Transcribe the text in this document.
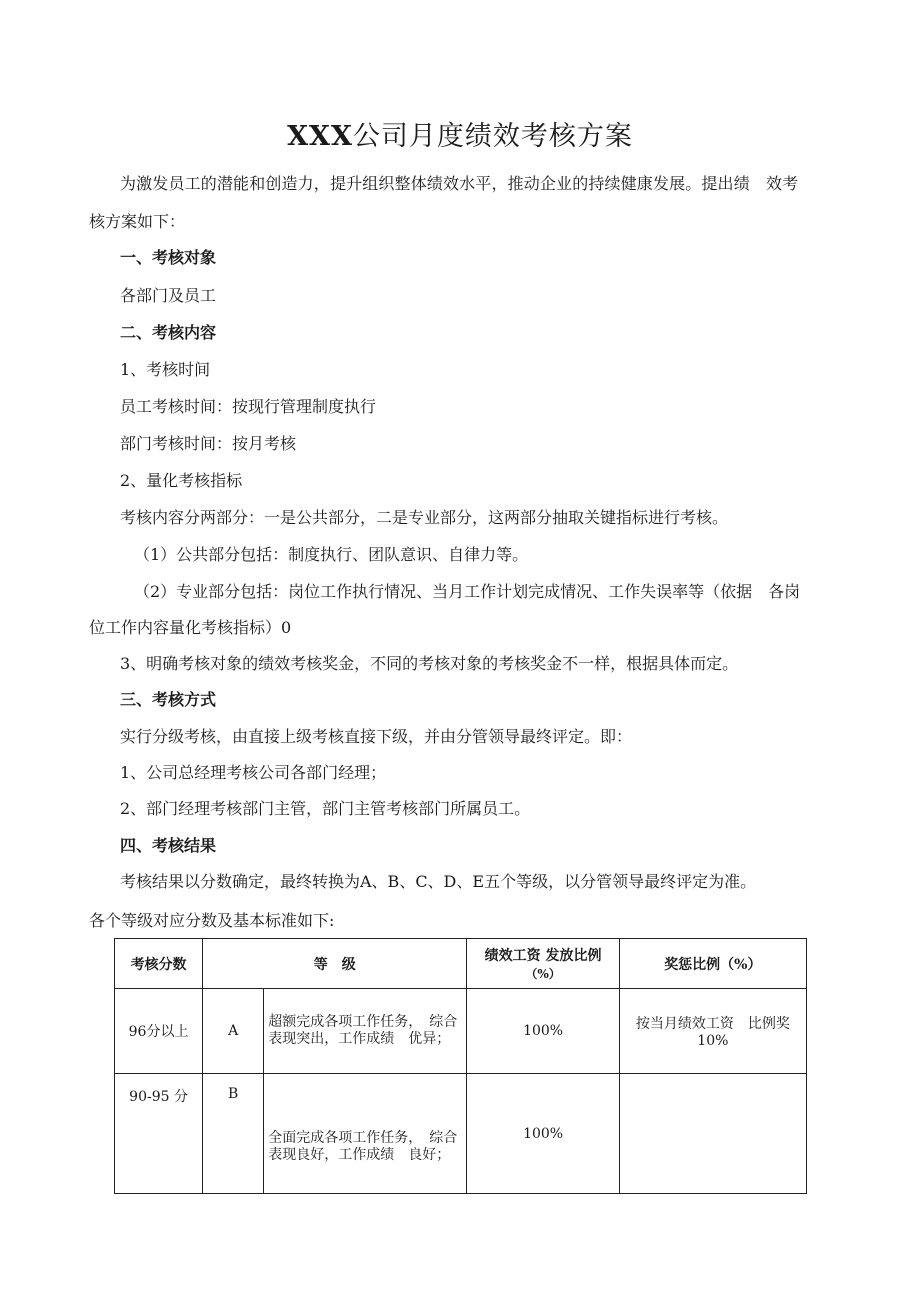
XXX公司月度绩效考核方案
为激发员工的潜能和创造力，提升组织整体绩效水平，推动企业的持续健康发展。提出绩　效考
核方案如下：
一、考核对象
各部门及员工
二、考核内容
1、考核时间
员工考核时间：按现行管理制度执行
部门考核时间：按月考核
2、量化考核指标
考核内容分两部分：一是公共部分，二是专业部分，这两部分抽取关键指标进行考核。
（1）公共部分包括：制度执行、团队意识、自律力等。
（2）专业部分包括：岗位工作执行情况、当月工作计划完成情况、工作失误率等（依据　各岗
位工作内容量化考核指标）0
3、明确考核对象的绩效考核奖金，不同的考核对象的考核奖金不一样，根据具体而定。
三、考核方式
实行分级考核，由直接上级考核直接下级，并由分管领导最终评定。即：
1、公司总经理考核公司各部门经理；
2、部门经理考核部门主管，部门主管考核部门所属员工。
四、考核结果
考核结果以分数确定，最终转换为A、B、C、D、E五个等级，以分管领导最终评定为准。
各个等级对应分数及基本标准如下:
考核分数	等　级		绩效工资 发放比例
（%）	奖惩比例（%）
96分以上	A	超额完成各项工作任务，　综合表现突出，工作成绩　优异；	100%	按当月绩效工资　比例奖
10%

90-95 分	B	全面完成各项工作任务，　综合表现良好，工作成绩　良好；	100%	
